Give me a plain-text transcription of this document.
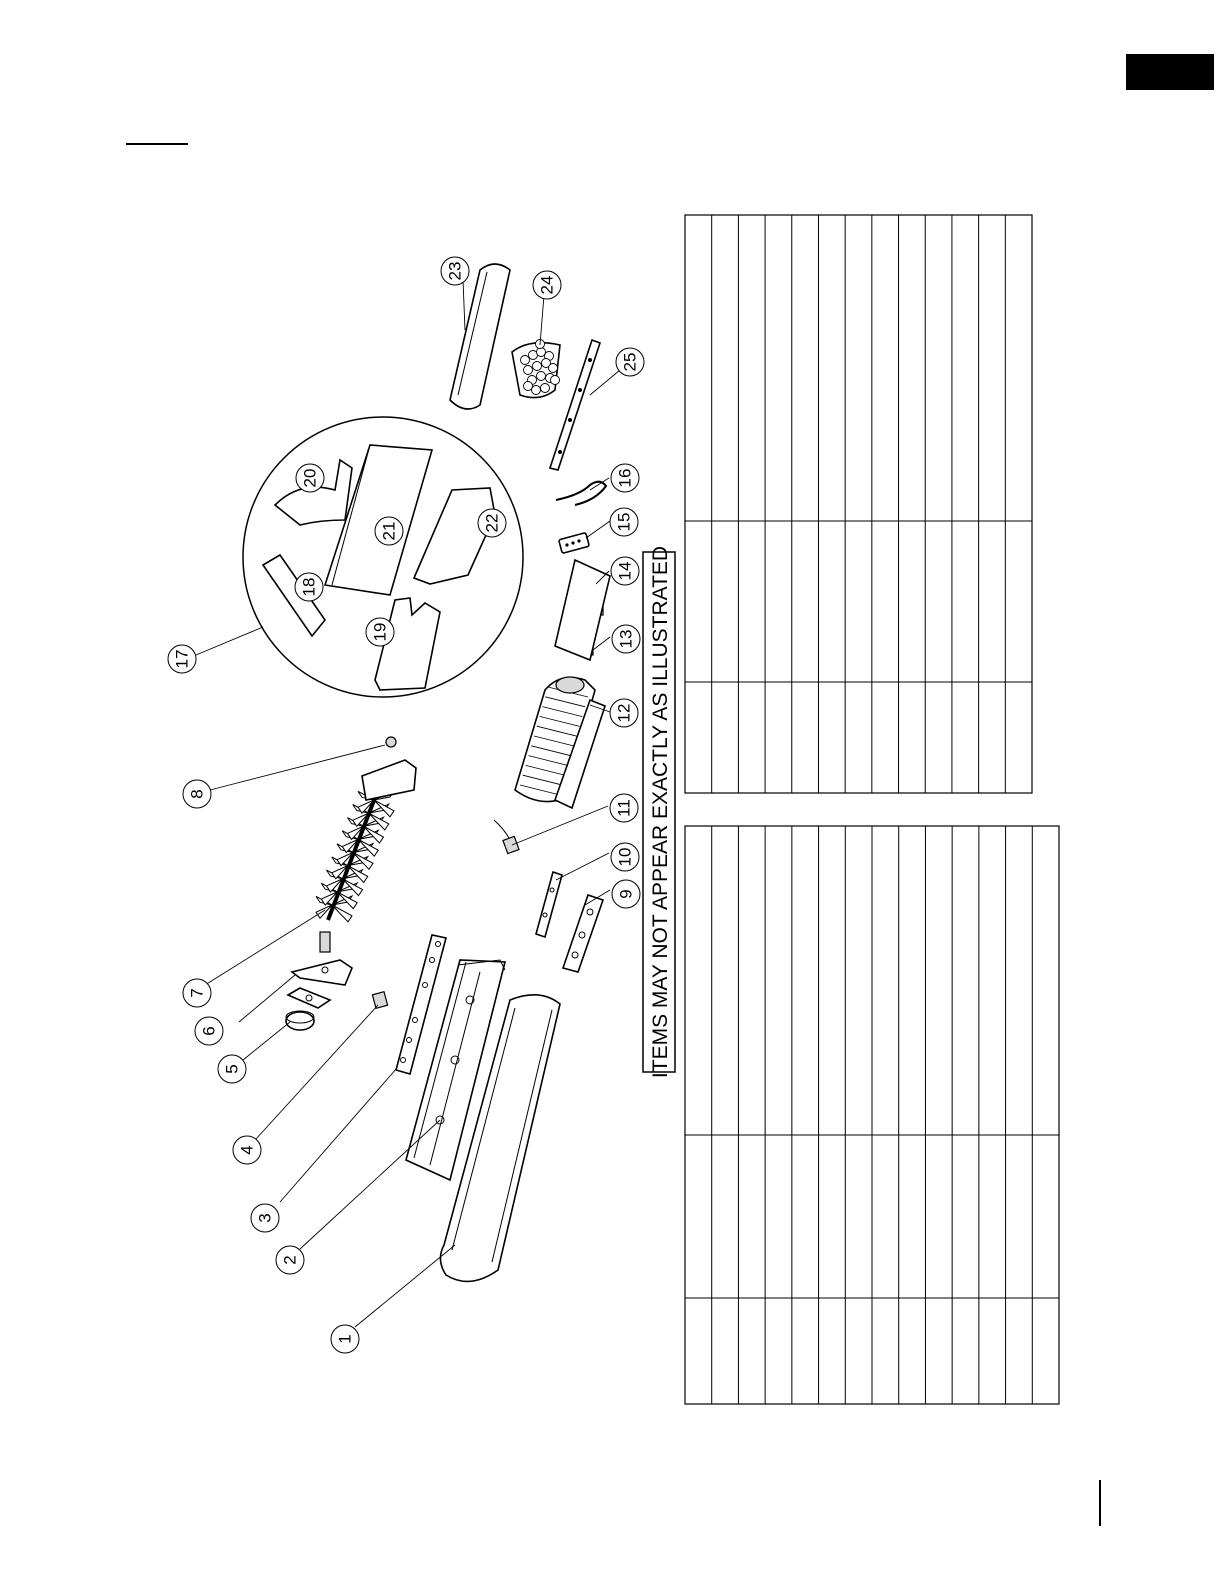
ITEMS MAY NOT APPEAR EXACTLY AS ILLUSTRATED
1
2
3
4
5
6
7
8
9
10
11
12
13
14
15
16
17
18
19
20
21	22
23
24
25
